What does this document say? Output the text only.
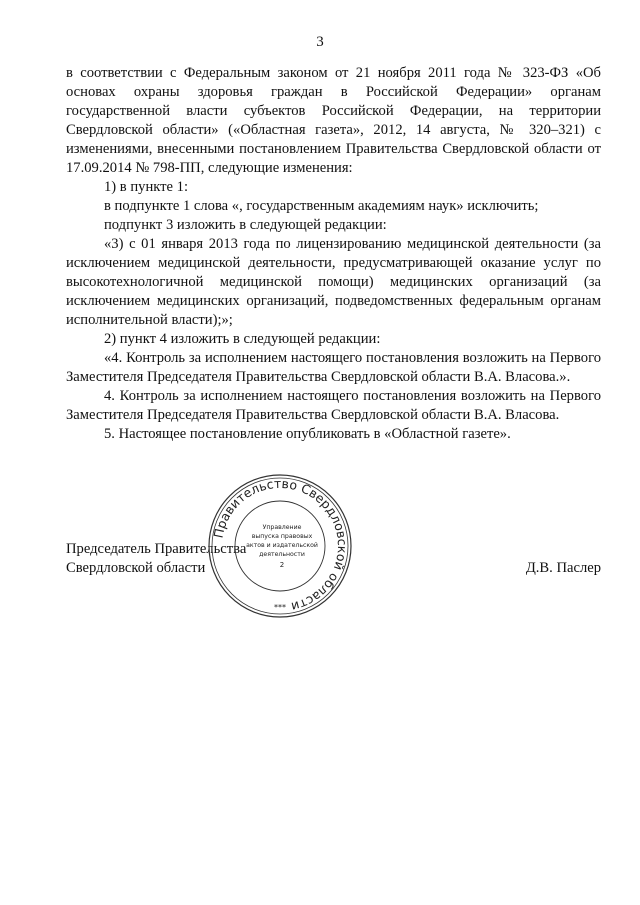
3

в соответствии с Федеральным законом от 21 ноября 2011 года № 323-ФЗ «Об основах охраны здоровья граждан в Российской Федерации» органам государственной власти субъектов Российской Федерации, на территории Свердловской области» («Областная газета», 2012, 14 августа, № 320–321) с изменениями, внесенными постановлением Правительства Свердловской области от 17.09.2014 № 798-ПП, следующие изменения:

1) в пункте 1:

в подпункте 1 слова «, государственным академиям наук» исключить;

подпункт 3 изложить в следующей редакции:

«3) с 01 января 2013 года по лицензированию медицинской деятельности (за исключением медицинской деятельности, предусматривающей оказание услуг по высокотехнологичной медицинской помощи) медицинских организаций (за исключением медицинских организаций, подведомственных федеральным органам исполнительной власти);»;

2) пункт 4 изложить в следующей редакции:

«4. Контроль за исполнением настоящего постановления возложить на Первого Заместителя Председателя Правительства Свердловской области В.А. Власова.».

4. Контроль за исполнением настоящего постановления возложить на Первого Заместителя Председателя Правительства Свердловской области В.А. Власова.

5. Настоящее постановление опубликовать в «Областной газете».

Председатель Правительства
Свердловской области	Д.В. Паслер
Правительство Свердловской области
Управление
выпуска правовых
актов и издательской
деятельности
2
***
